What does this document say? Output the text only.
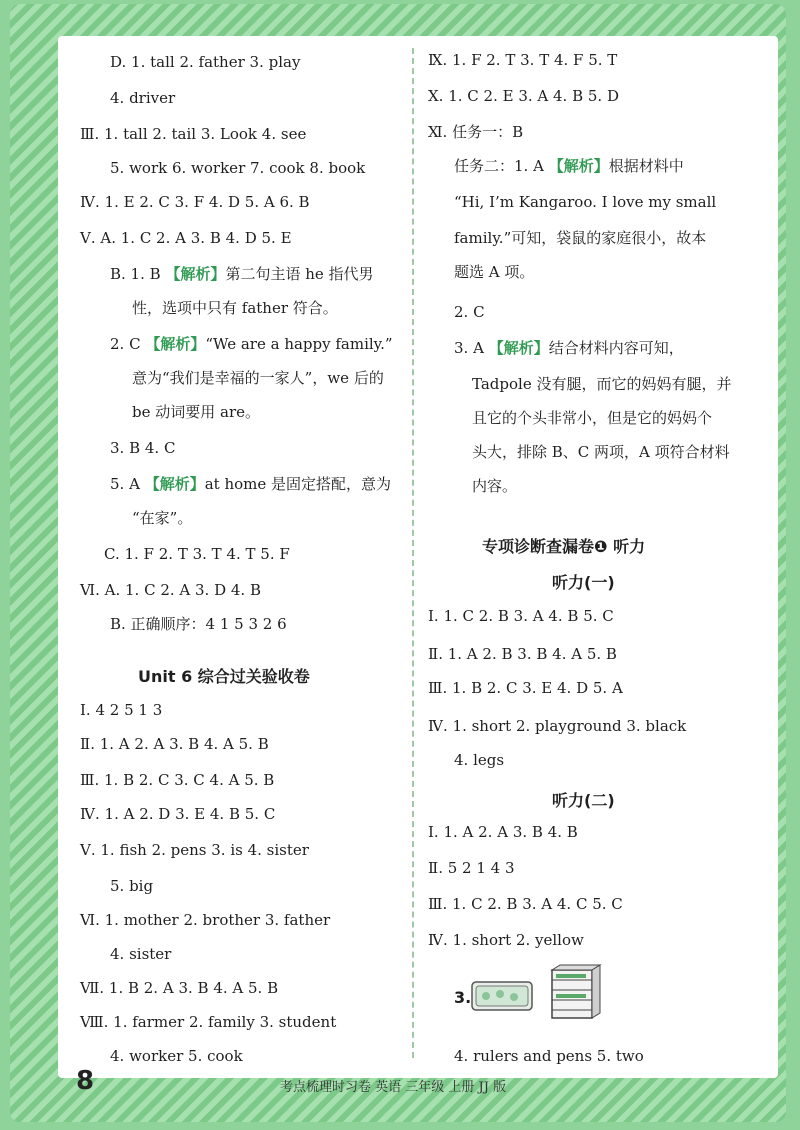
D. 1. tall 2. father 3. play
4. driver
Ⅲ. 1. tall 2. tail 3. Look 4. see
5. work 6. worker 7. cook 8. book
Ⅳ. 1. E 2. C 3. F 4. D 5. A 6. B
Ⅴ. A. 1. C 2. A 3. B 4. D 5. E
B. 1. B 【解析】第二句主语 he 指代男
性，选项中只有 father 符合。
2. C 【解析】“We are a happy family.”
意为“我们是幸福的一家人”，we 后的
be 动词要用 are。
3. B 4. C
5. A 【解析】at home 是固定搭配，意为
“在家”。
C. 1. F 2. T 3. T 4. T 5. F
Ⅵ. A. 1. C 2. A 3. D 4. B
B. 正确顺序：4 1 5 3 2 6
Ⅰ. 4 2 5 1 3
Ⅱ. 1. A 2. A 3. B 4. A 5. B
Ⅲ. 1. B 2. C 3. C 4. A 5. B
Ⅳ. 1. A 2. D 3. E 4. B 5. C
Ⅴ. 1. fish 2. pens 3. is 4. sister
5. big
Ⅵ. 1. mother 2. brother 3. father
4. sister
Ⅶ. 1. B 2. A 3. B 4. A 5. B
Ⅷ. 1. farmer 2. family 3. student
4. worker 5. cook
Unit 6 综合过关验收卷
Ⅸ. 1. F 2. T 3. T 4. F 5. T
Ⅹ. 1. C 2. E 3. A 4. B 5. D
Ⅺ. 任务一：B
任务二：1. A 【解析】根据材料中
“Hi, I’m Kangaroo. I love my small
family.”可知，袋鼠的家庭很小，故本
题选 A 项。
2. C
3. A 【解析】结合材料内容可知，
Tadpole 没有腿，而它的妈妈有腿，并
且它的个头非常小，但是它的妈妈个
头大，排除 B、C 两项，A 项符合材料
内容。
Ⅰ. 1. C 2. B 3. A 4. B 5. C
Ⅱ. 1. A 2. B 3. B 4. A 5. B
Ⅲ. 1. B 2. C 3. E 4. D 5. A
Ⅳ. 1. short 2. playground 3. black
4. legs
Ⅰ. 1. A 2. A 3. B 4. B
Ⅱ. 5 2 1 4 3
Ⅲ. 1. C 2. B 3. A 4. C 5. C
Ⅳ. 1. short 2. yellow
4. rulers and pens 5. two
专项诊断查漏卷❶ 听力
听力(一)
听力(二)
3.
8	考点梳理时习卷 英语 三年级 上册 JJ 版
